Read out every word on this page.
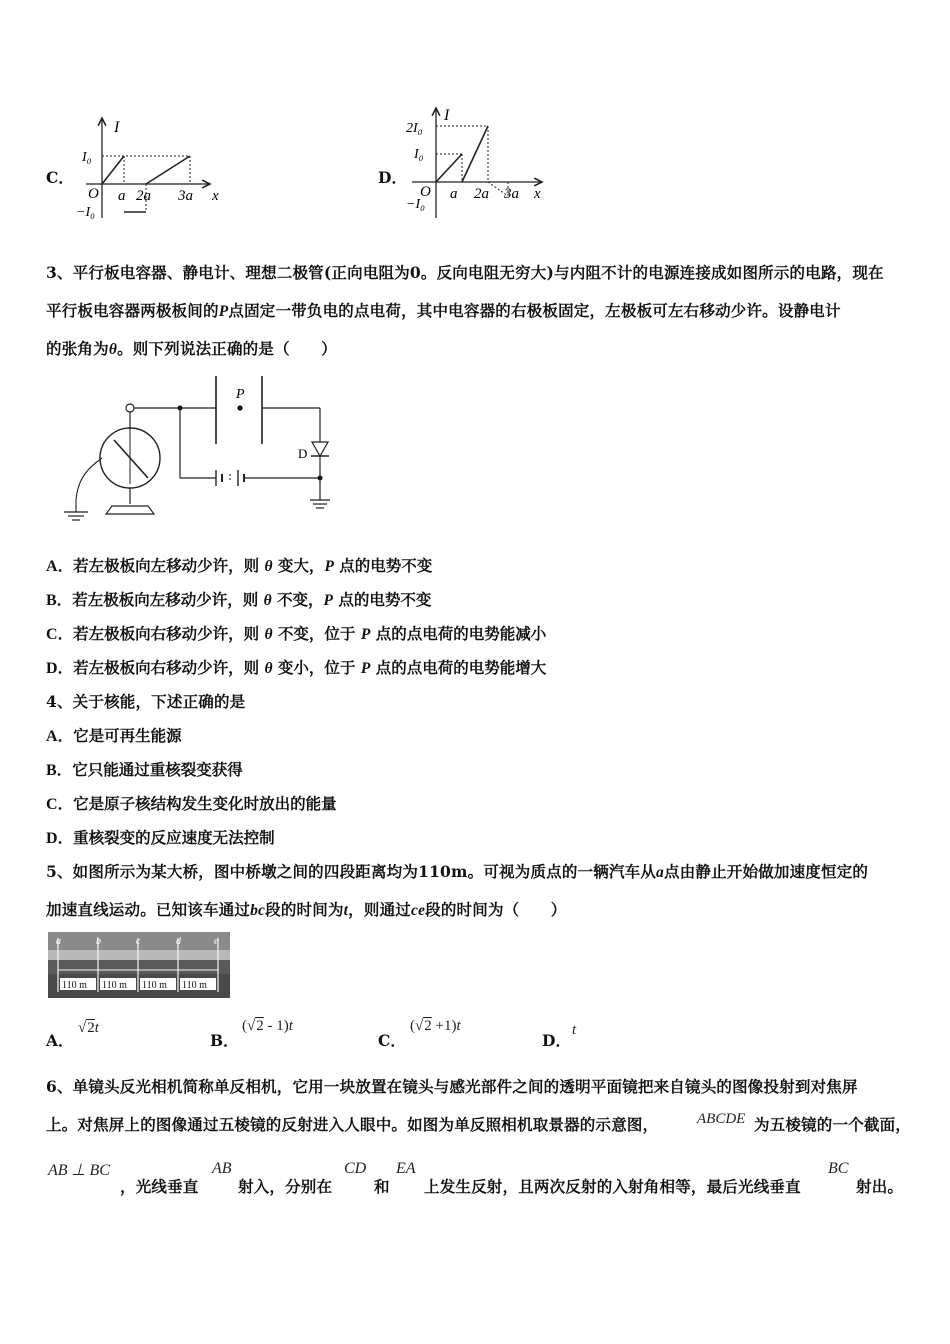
C．
I
x
O
I₀
−I₀
a 2a 3a
D．
I
x
O
2I₀
I₀
−I₀
a 2a 3a
3、平行板电容器、静电计、理想二极管(正向电阻为0。反向电阻无穷大)与内阻不计的电源连接成如图所示的电路，现在
平行板电容器两极板间的P点固定一带负电的点电荷，其中电容器的右极板固定，左极板可左右移动少许。设静电计
的张角为θ。则下列说法正确的是（　　）
P
D
A．若左极板向左移动少许，则 θ 变大，P 点的电势不变
B．若左极板向左移动少许，则 θ 不变，P 点的电势不变
C．若左极板向右移动少许，则 θ 不变，位于 P 点的点电荷的电势能减小
D．若左极板向右移动少许，则 θ 变小，位于 P 点的点电荷的电势能增大
4、关于核能，下述正确的是
A．它是可再生能源
B．它只能通过重核裂变获得
C．它是原子核结构发生变化时放出的能量
D．重核裂变的反应速度无法控制
5、如图所示为某大桥，图中桥墩之间的四段距离均为110m。可视为质点的一辆汽车从a点由静止开始做加速度恒定的
加速直线运动。已知该车通过bc段的时间为t，则通过ce段的时间为（　　）
a	b	c	d	e
110 m 110 m 110 m 110 m
A．
√2t
B．
(√2 - 1)t
C．
(√2 +1)t
D．
t
6、单镜头反光相机简称单反相机，它用一块放置在镜头与感光部件之间的透明平面镜把来自镜头的图像投射到对焦屏
上。对焦屏上的图像通过五棱镜的反射进入人眼中。如图为单反照相机取景器的示意图，	ABCDE 为五棱镜的一个截面，
AB ⊥ BC
，光线垂直
AB
射入，分别在
CD
和
EA
上发生反射，且两次反射的入射角相等，最后光线垂直
BC
射出。
